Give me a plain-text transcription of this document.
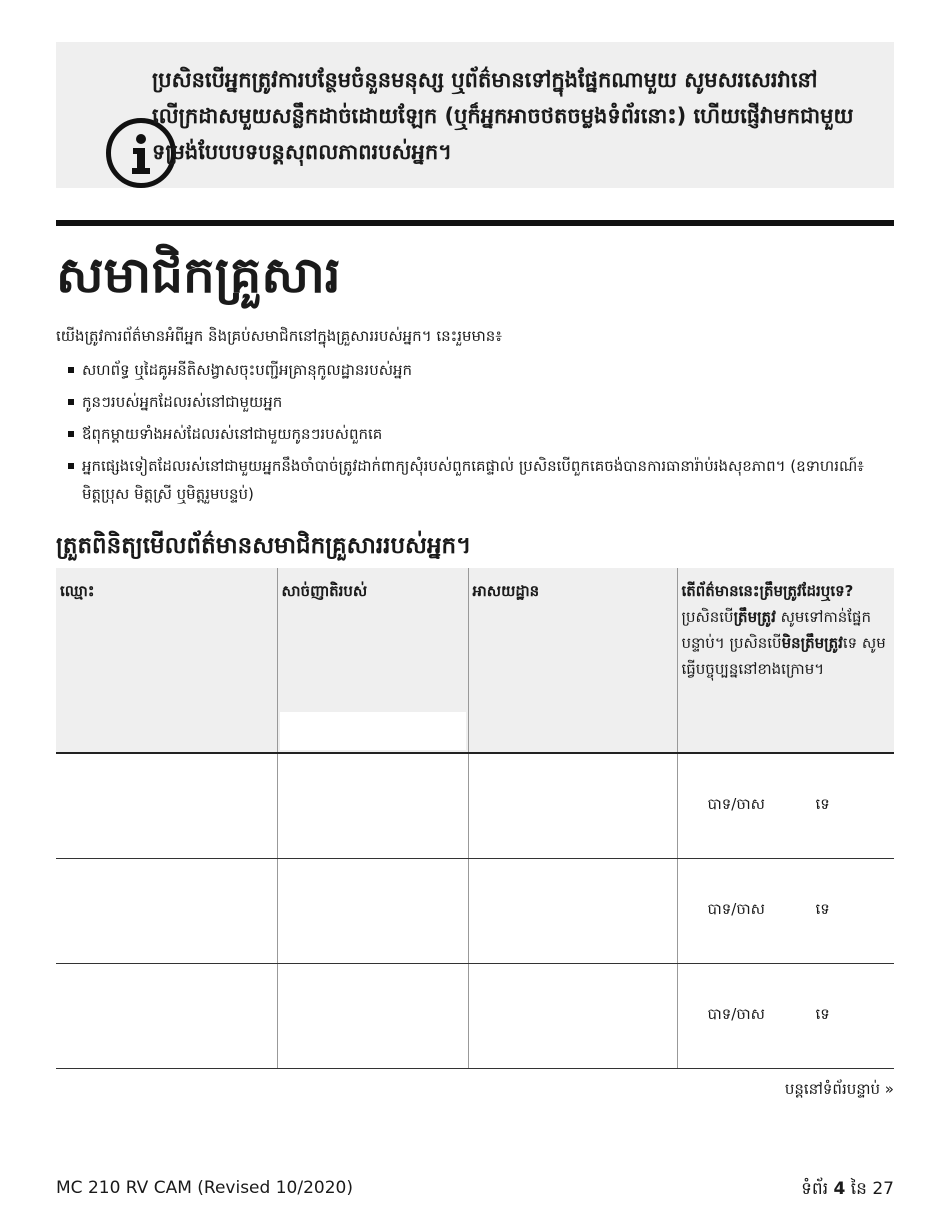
ប្រសិនបើអ្នកត្រូវការបន្ថែមចំនួនមនុស្ស ឬព័ត៌មានទៅក្នុងផ្នែកណាមួយ សូមសរសេរវានៅលើក្រដាសមួយសន្លឹកដាច់ដោយឡែក (ឬក៏អ្នកអាចថតចម្លងទំព័រនោះ) ហើយផ្ញើវាមកជាមួយទម្រង់បែបបទបន្តសុពលភាពរបស់អ្នក។
សមាជិកគ្រួសារ
យើងត្រូវការព័ត៌មានអំពីអ្នក និងគ្រប់សមាជិកនៅក្នុងគ្រួសាររបស់អ្នក។ នេះរួមមាន៖
សហព័ទ្ធ ឬដៃគូអនីតិសង្វាសចុះបញ្ជីអគ្រានុកូលដ្ឋានរបស់អ្នក
កូនៗរបស់អ្នកដែលរស់នៅជាមួយអ្នក
ឪពុកម្ដាយទាំងអស់ដែលរស់នៅជាមួយកូនៗរបស់ពួកគេ
អ្នកផ្សេងទៀតដែលរស់នៅជាមួយអ្នកនឹងចាំបាច់ត្រូវដាក់ពាក្យសុំរបស់ពួកគេផ្ទាល់ ប្រសិនបើពួកគេចង់បានការធានារ៉ាប់រងសុខភាព។ (ឧទាហរណ៍៖ មិត្តប្រុស មិត្តស្រី ឬមិត្តរួមបន្ទប់)
ត្រួតពិនិត្យមើលព័ត៌មានសមាជិកគ្រួសាររបស់អ្នក។
ឈ្មោះ	សាច់ញាតិរបស់	អាសយដ្ឋាន	តើព័ត៌មាននេះត្រឹមត្រូវដែរឬទេ? ប្រសិនបើត្រឹមត្រូវ សូមទៅកាន់ផ្នែកបន្ទាប់។ ប្រសិនបើមិនត្រឹមត្រូវទេ សូមធ្វើបច្ចុប្បន្ននៅខាងក្រោម។
			បាទ/ចាស ទេ
			បាទ/ចាស ទេ
			បាទ/ចាស ទេ
បន្តនៅទំព័របន្ទាប់ »
MC 210 RV CAM (Revised 10/2020)	ទំព័រ 4 នៃ 27
